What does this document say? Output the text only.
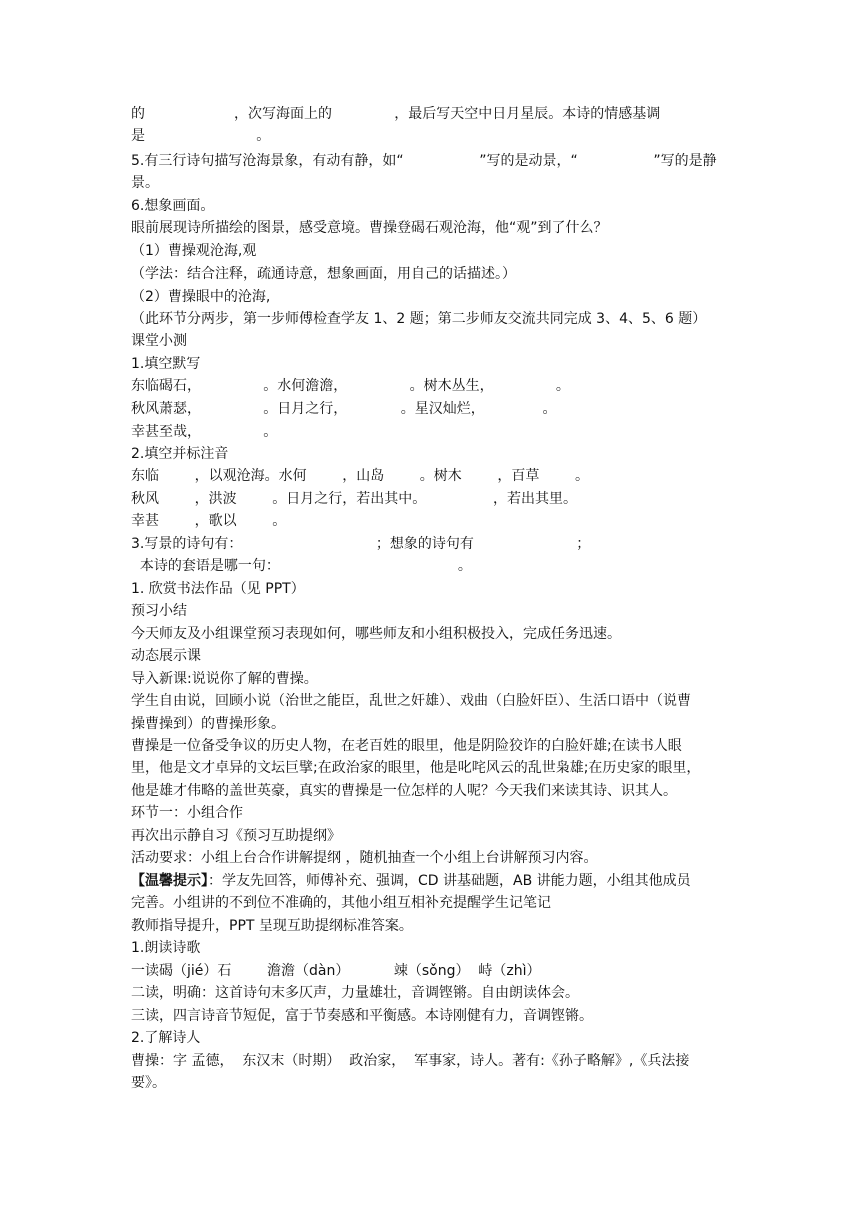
的                    ，次写海面上的              ，最后写天空中日月星辰。本诗的情感基调
是                         。
5.有三行诗句描写沧海景象，有动有静，如“                 ”写的是动景，“                 ”写的是静
景。
6.想象画面。
眼前展现诗所描绘的图景，感受意境。曹操登碣石观沧海，他“观”到了什么？
（1）曹操观沧海,观
（学法：结合注释，疏通诗意，想象画面，用自己的话描述。）
（2）曹操眼中的沧海,
（此环节分两步，第一步师傅检查学友 1、2 题；第二步师友交流共同完成 3、4、5、6 题）
课堂小测
1.填空默写
东临碣石，              。水何澹澹，              。树木丛生，              。
秋风萧瑟，              。日月之行，            。星汉灿烂，             。
幸甚至哉，              。
2.填空并标注音
东临        ，以观沧海。水何        ，山岛        。树木        ，百草        。
秋风        ，洪波        。日月之行，若出其中。               ，若出其里。
幸甚        ，歌以        。
3.写景的诗句有：                              ；想象的诗句有                       ；
本诗的套语是哪一句：                                        。
1. 欣赏书法作品（见 PPT）
预习小结
今天师友及小组课堂预习表现如何，哪些师友和小组积极投入，完成任务迅速。
动态展示课
导入新课:说说你了解的曹操。
学生自由说，回顾小说（治世之能臣，乱世之奸雄）、戏曲（白脸奸臣）、生活口语中（说曹
操曹操到）的曹操形象。
曹操是一位备受争议的历史人物，在老百姓的眼里，他是阴险狡诈的白脸奸雄;在读书人眼
里，他是文才卓异的文坛巨擘;在政治家的眼里，他是叱咤风云的乱世枭雄;在历史家的眼里，
他是雄才伟略的盖世英豪，真实的曹操是一位怎样的人呢？今天我们来读其诗、识其人。
环节一：小组合作
再次出示静自习《预习互助提纲》
活动要求：小组上台合作讲解提纲 ，随机抽查一个小组上台讲解预习内容。
【温馨提示】：学友先回答，师傅补充、强调，CD 讲基础题，AB 讲能力题，小组其他成员
完善。小组讲的不到位不准确的，其他小组互相补充提醒学生记笔记
教师指导提升，PPT 呈现互助提纲标准答案。
1.朗读诗歌
一读碣（jié）石        澹澹（dàn）          竦（sǒng）  峙（zhì）
二读，明确：这首诗句末多仄声，力量雄壮，音调铿锵。自由朗读体会。
三读，四言诗音节短促，富于节奏感和平衡感。本诗刚健有力，音调铿锵。
2.了解诗人
曹操：字 孟德，  东汉末（时期）  政治家，  军事家，诗人。著有:《孙子略解》,《兵法接
要》。
